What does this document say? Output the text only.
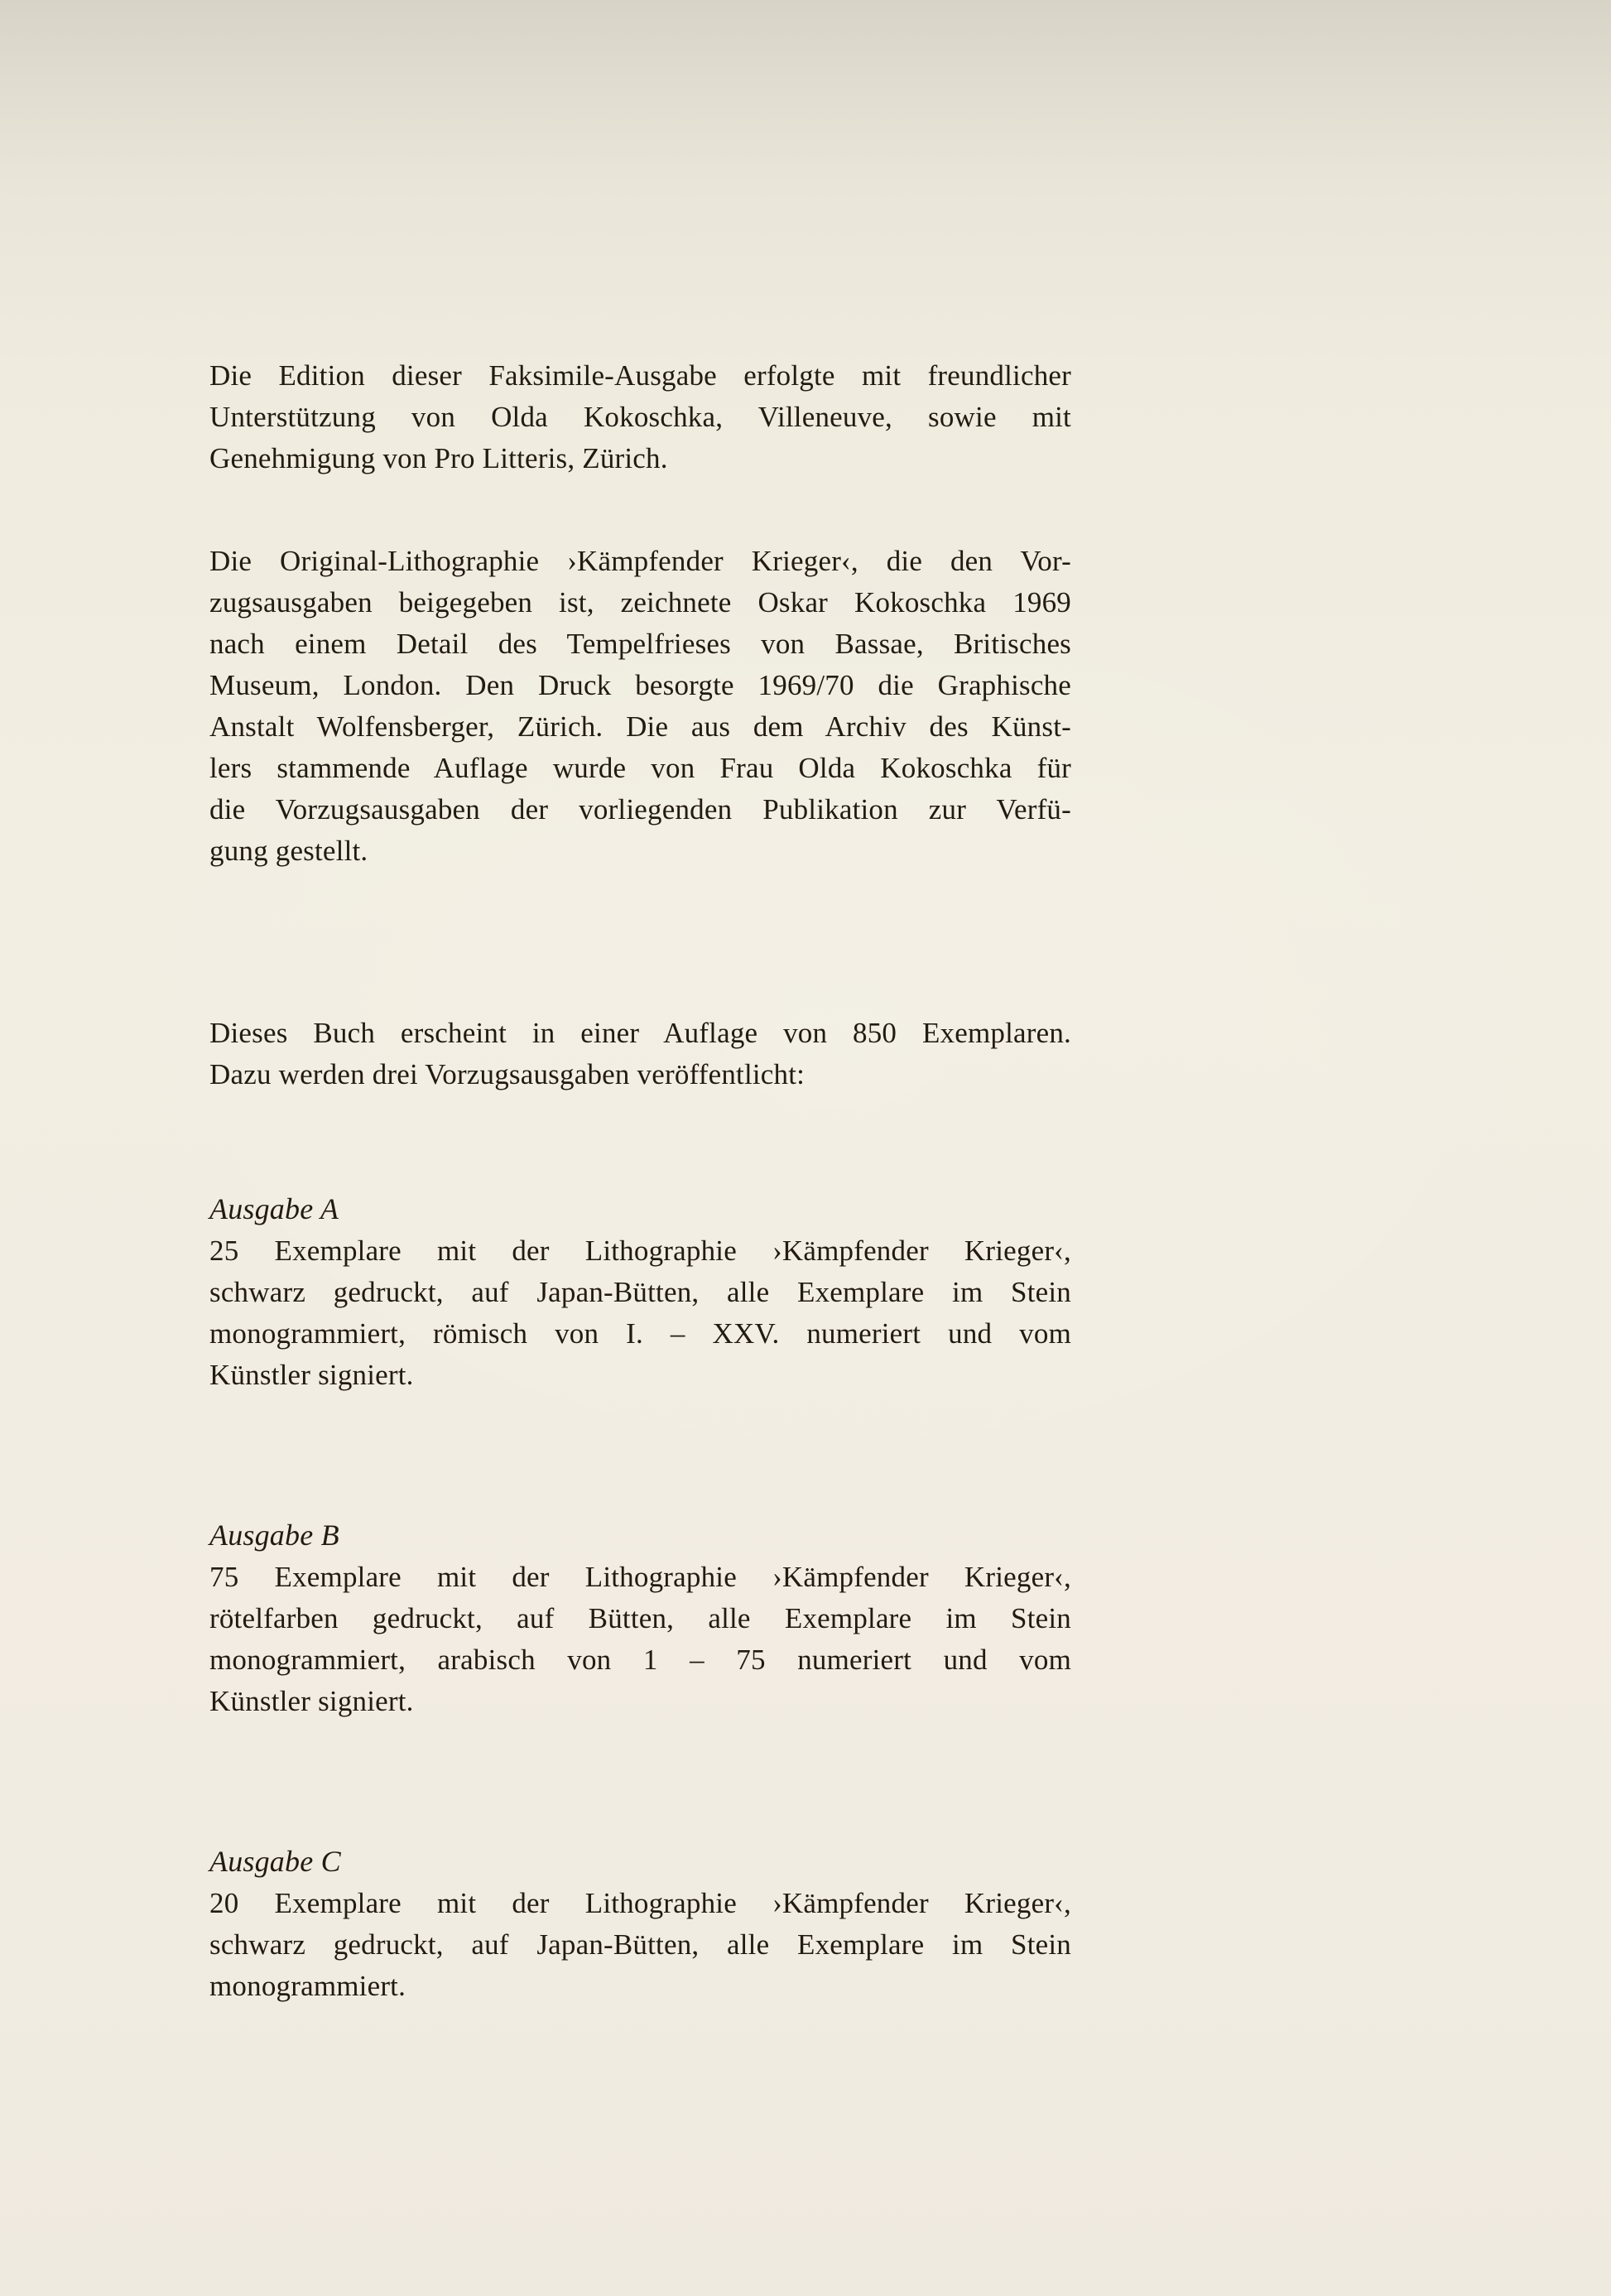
Die Edition dieser Faksimile-Ausgabe erfolgte mit freundlicher
Unterstützung von Olda Kokoschka, Villeneuve, sowie mit
Genehmigung von Pro Litteris, Zürich.
Die Original-Lithographie ›Kämpfender Krieger‹, die den Vor-
zugsausgaben beigegeben ist, zeichnete Oskar Kokoschka 1969
nach einem Detail des Tempelfrieses von Bassae, Britisches
Museum, London. Den Druck besorgte 1969/70 die Graphische
Anstalt Wolfensberger, Zürich. Die aus dem Archiv des Künst-
lers stammende Auflage wurde von Frau Olda Kokoschka für
die Vorzugsausgaben der vorliegenden Publikation zur Verfü-
gung gestellt.
Dieses Buch erscheint in einer Auflage von 850 Exemplaren.
Dazu werden drei Vorzugsausgaben veröffentlicht:
Ausgabe A
25 Exemplare mit der Lithographie ›Kämpfender Krieger‹,
schwarz gedruckt, auf Japan-Bütten, alle Exemplare im Stein
monogrammiert, römisch von I. – XXV. numeriert und vom
Künstler signiert.
Ausgabe B
75 Exemplare mit der Lithographie ›Kämpfender Krieger‹,
rötelfarben gedruckt, auf Bütten, alle Exemplare im Stein
monogrammiert, arabisch von 1 – 75 numeriert und vom
Künstler signiert.
Ausgabe C
20 Exemplare mit der Lithographie ›Kämpfender Krieger‹,
schwarz gedruckt, auf Japan-Bütten, alle Exemplare im Stein
monogrammiert.
